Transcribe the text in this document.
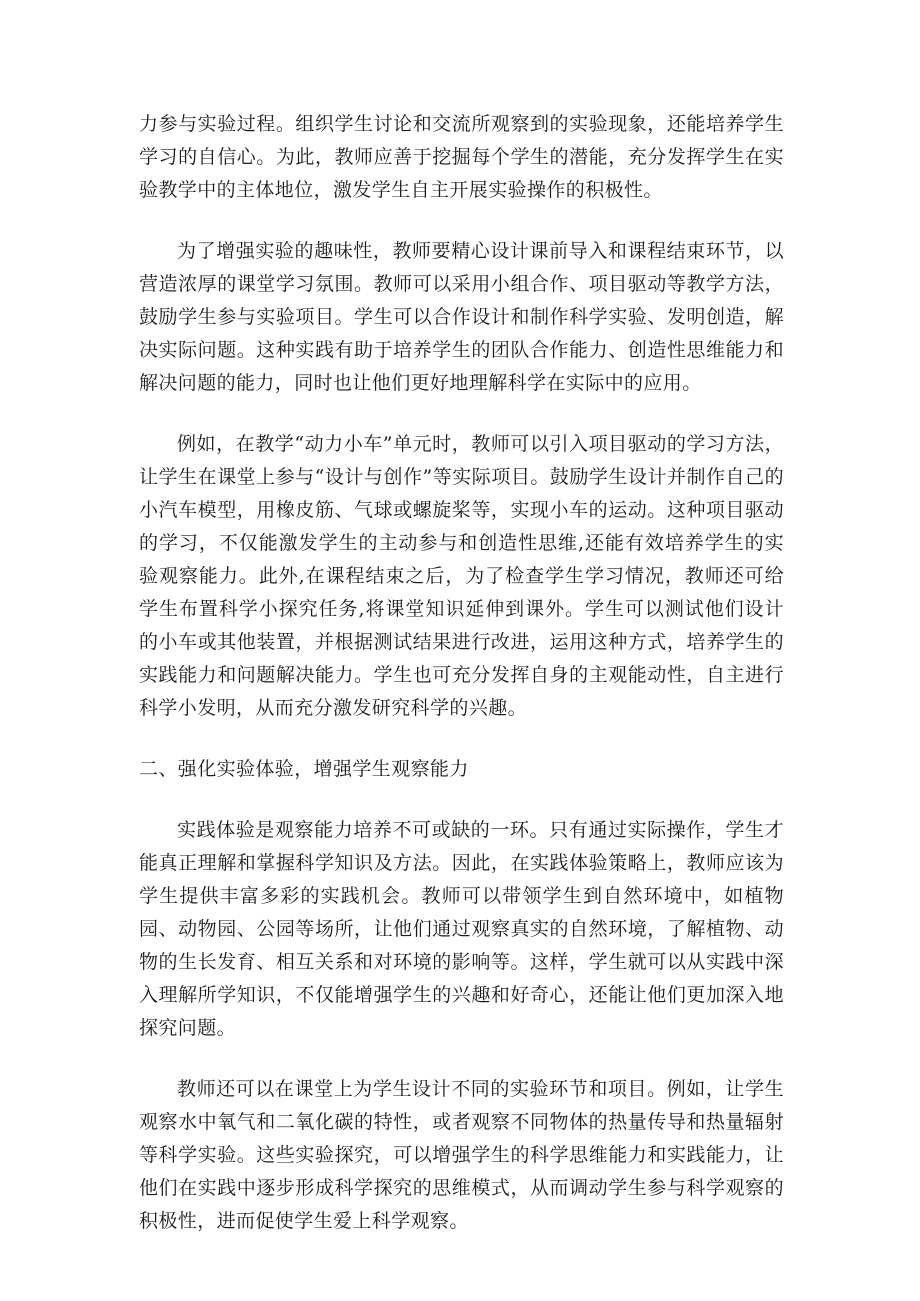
力参与实验过程。组织学生讨论和交流所观察到的实验现象，还能培养学生学习的自信心。为此，教师应善于挖掘每个学生的潜能，充分发挥学生在实验教学中的主体地位，激发学生自主开展实验操作的积极性。

为了增强实验的趣味性，教师要精心设计课前导入和课程结束环节，以营造浓厚的课堂学习氛围。教师可以采用小组合作、项目驱动等教学方法，鼓励学生参与实验项目。学生可以合作设计和制作科学实验、发明创造，解决实际问题。这种实践有助于培养学生的团队合作能力、创造性思维能力和解决问题的能力，同时也让他们更好地理解科学在实际中的应用。

例如，在教学“动力小车”单元时，教师可以引入项目驱动的学习方法，让学生在课堂上参与“设计与创作”等实际项目。鼓励学生设计并制作自己的小汽车模型，用橡皮筋、气球或螺旋桨等，实现小车的运动。这种项目驱动的学习，不仅能激发学生的主动参与和创造性思维,还能有效培养学生的实验观察能力。此外,在课程结束之后，为了检查学生学习情况，教师还可给学生布置科学小探究任务,将课堂知识延伸到课外。学生可以测试他们设计的小车或其他装置，并根据测试结果进行改进，运用这种方式，培养学生的实践能力和问题解决能力。学生也可充分发挥自身的主观能动性，自主进行科学小发明，从而充分激发研究科学的兴趣。

二、强化实验体验，增强学生观察能力

实践体验是观察能力培养不可或缺的一环。只有通过实际操作，学生才能真正理解和掌握科学知识及方法。因此，在实践体验策略上，教师应该为学生提供丰富多彩的实践机会。教师可以带领学生到自然环境中，如植物园、动物园、公园等场所，让他们通过观察真实的自然环境，了解植物、动物的生长发育、相互关系和对环境的影响等。这样，学生就可以从实践中深入理解所学知识，不仅能增强学生的兴趣和好奇心，还能让他们更加深入地探究问题。

教师还可以在课堂上为学生设计不同的实验环节和项目。例如，让学生观察水中氧气和二氧化碳的特性，或者观察不同物体的热量传导和热量辐射等科学实验。这些实验探究，可以增强学生的科学思维能力和实践能力，让他们在实践中逐步形成科学探究的思维模式，从而调动学生参与科学观察的积极性，进而促使学生爱上科学观察。
